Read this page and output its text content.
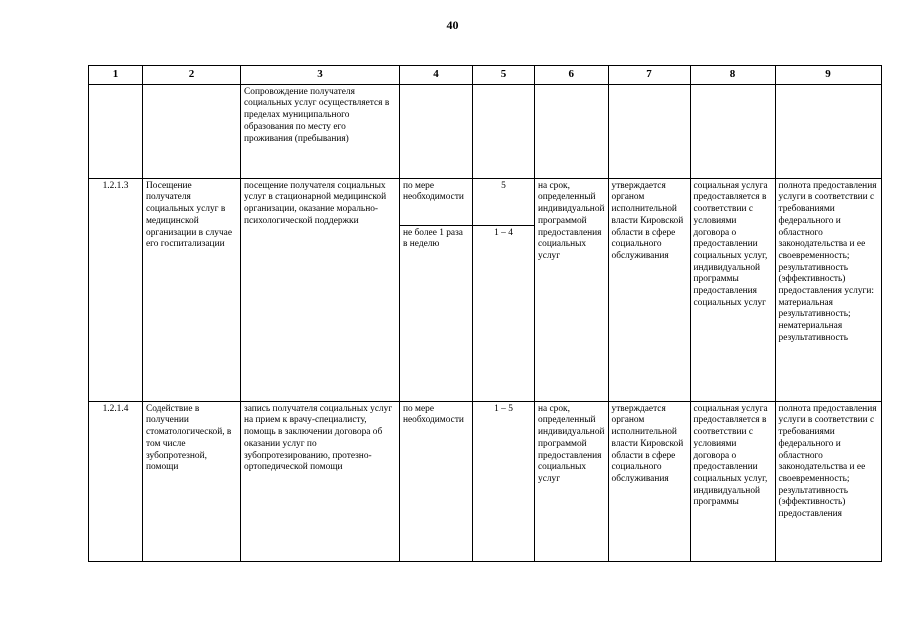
40
1	2	3	4	5	6	7	8	9
		Сопровождение получателя социальных услуг осуществляется в пределах муниципального образования по месту его проживания (пребывания)						
1.2.1.3	Посещение получателя социальных услуг в медицинской организации в случае его госпитализации	посещение получателя социальных услуг в стационарной медицинской организации, оказание морально-психологической поддержки	по мере необходимости	5	на срок, определенный индивидуальной программой предоставления социальных услуг	утверждается органом исполнительной власти Кировской области в сфере социального обслуживания	социальная услуга предоставляется в соответствии с условиями договора о предоставлении социальных услуг, индивидуальной программы предоставления социальных услуг	полнота предоставления услуги в соответствии с требованиями федерального и областного законодательства и ее своевременность; результативность (эффективность) предоставления услуги: материальная результативность; нематериальная результативность
			не более 1 раза в неделю	1 – 4				
1.2.1.4	Содействие в получении стоматологической, в том числе зубопротезной, помощи	запись получателя социальных услуг на прием к врачу-специалисту, помощь в заключении договора об оказании услуг по зубопротезированию, протезно-ортопедической помощи	по мере необходимости	1 – 5	на срок, определенный индивидуальной программой предоставления социальных услуг	утверждается органом исполнительной власти Кировской области в сфере социального обслуживания	социальная услуга предоставляется в соответствии с условиями договора о предоставлении социальных услуг, индивидуальной программы	полнота предоставления услуги в соответствии с требованиями федерального и областного законодательства и ее своевременность; результативность (эффективность) предоставления
